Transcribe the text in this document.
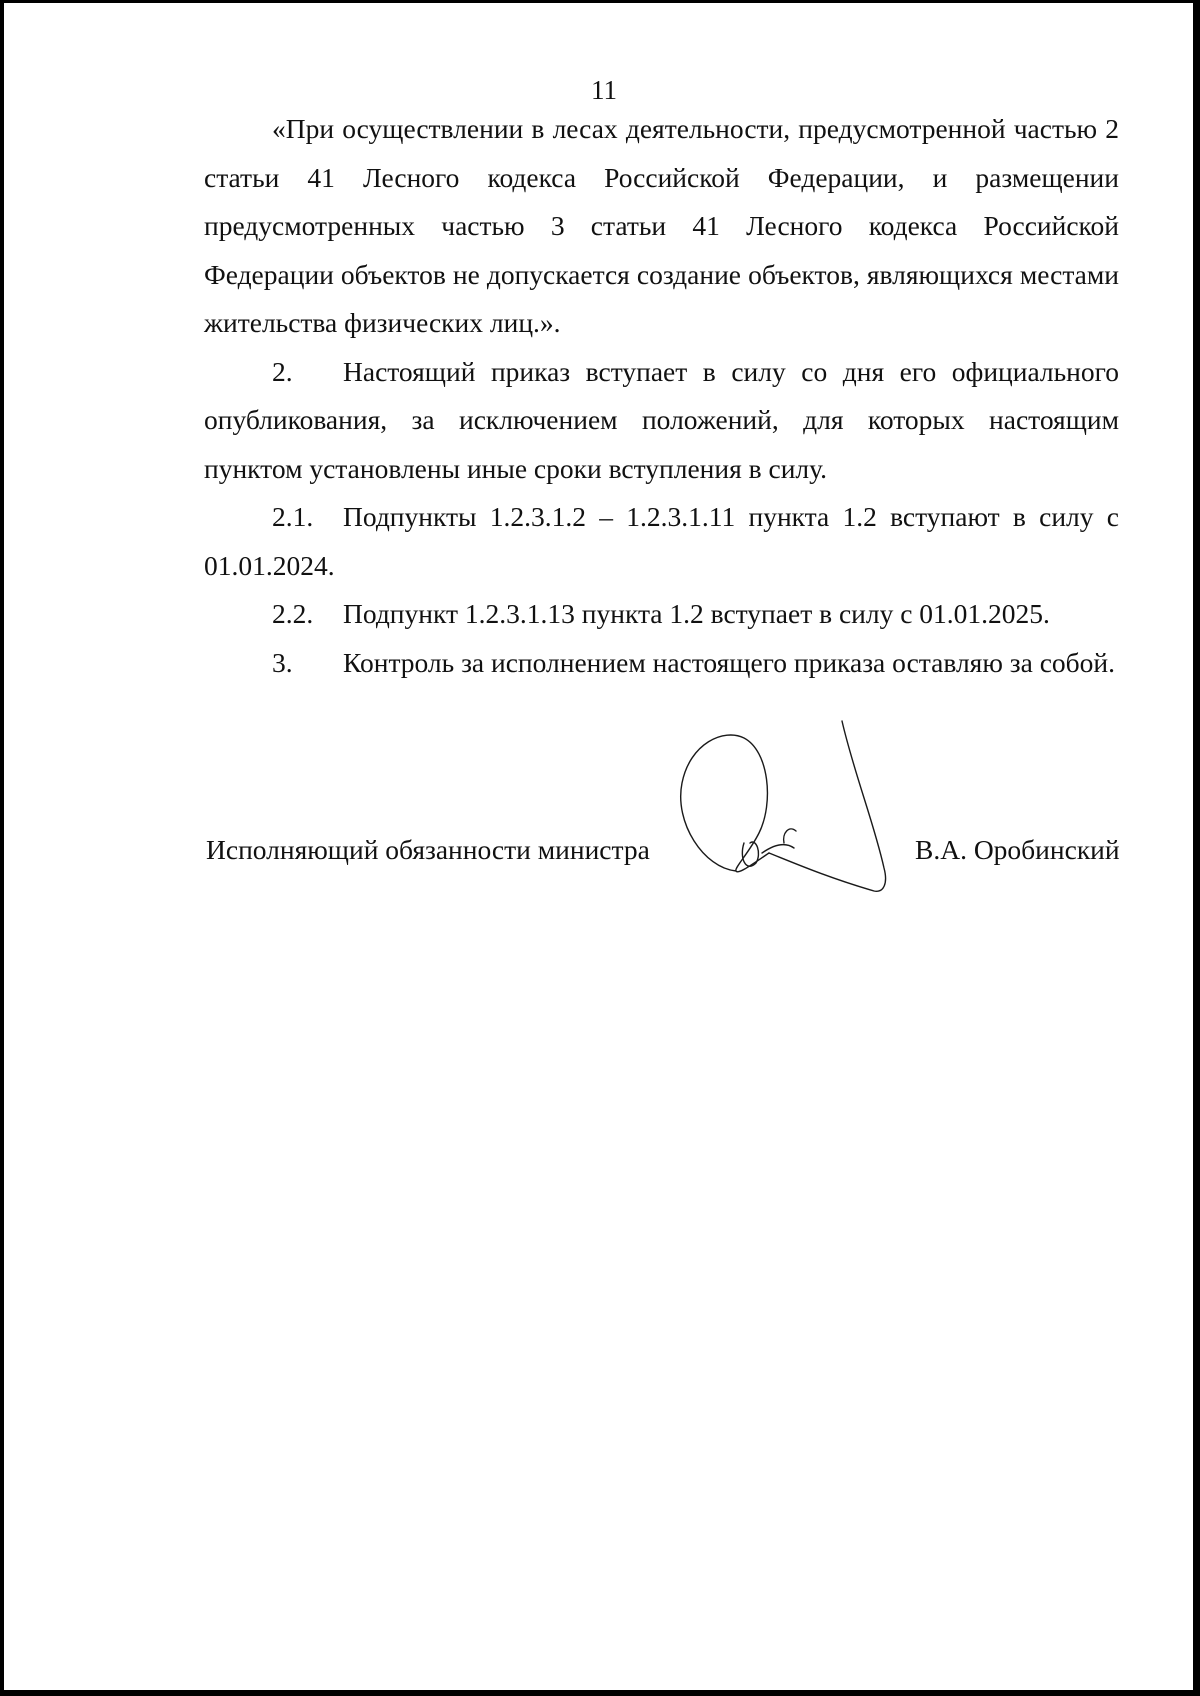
11

«При осуществлении в лесах деятельности, предусмотренной частью 2 статьи 41 Лесного кодекса Российской Федерации, и размещении предусмотренных частью 3 статьи 41 Лесного кодекса Российской Федерации объектов не допускается создание объектов, являющихся местами жительства физических лиц.».

2. Настоящий приказ вступает в силу со дня его официального опубликования, за исключением положений, для которых настоящим пунктом установлены иные сроки вступления в силу.

2.1. Подпункты 1.2.3.1.2 – 1.2.3.1.11 пункта 1.2 вступают в силу с 01.01.2024.

2.2. Подпункт 1.2.3.1.13 пункта 1.2 вступает в силу с 01.01.2025.

3. Контроль за исполнением настоящего приказа оставляю за собой.

Исполняющий обязанности министра	В.А. Оробинский
